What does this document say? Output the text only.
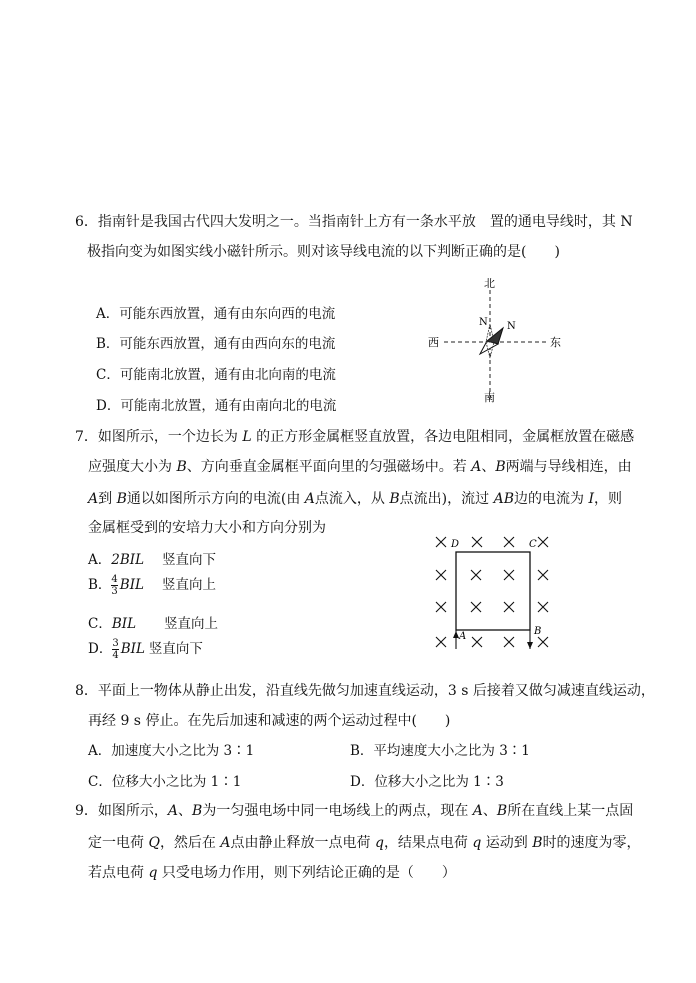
6．指南针是我国古代四大发明之一。当指南针上方有一条水平放　置的通电导线时，其 N
极指向变为如图实线小磁针所示。则对该导线电流的以下判断正确的是(　　)
A．可能东西放置，通有由东向西的电流
B．可能东西放置，通有由西向东的电流
C．可能南北放置，通有由北向南的电流
D．可能南北放置，通有由南向北的电流
北
南
西	东
N N
7．如图所示，一个边长为 L 的正方形金属框竖直放置，各边电阻相同，金属框放置在磁感
应强度大小为 B、方向垂直金属框平面向里的匀强磁场中。若 A、B两端与导线相连，由
A到 B通以如图所示方向的电流(由 A点流入，从 B点流出)，流过 AB边的电流为 I，则
金属框受到的安培力大小和方向分别为
A．2BIL 竖直向下
B． $\frac{4}{3}$ BIL 竖直向上
C．BIL 竖直向上
D． $\frac{3}{4}$ BIL 竖直向下
D	C
A	B
8．平面上一物体从静止出发，沿直线先做匀加速直线运动，3 s 后接着又做匀减速直线运动，
再经 9 s 停止。在先后加速和减速的两个运动过程中(　　)
A．加速度大小之比为 3∶1	B．平均速度大小之比为 3∶1
C．位移大小之比为 1∶1	D．位移大小之比为 1∶3
9．如图所示，A、B为一匀强电场中同一电场线上的两点，现在 A、B所在直线上某一点固
定一电荷 Q，然后在 A点由静止释放一点电荷 q，结果点电荷 q 运动到 B时的速度为零，
若点电荷 q 只受电场力作用，则下列结论正确的是（　　）
